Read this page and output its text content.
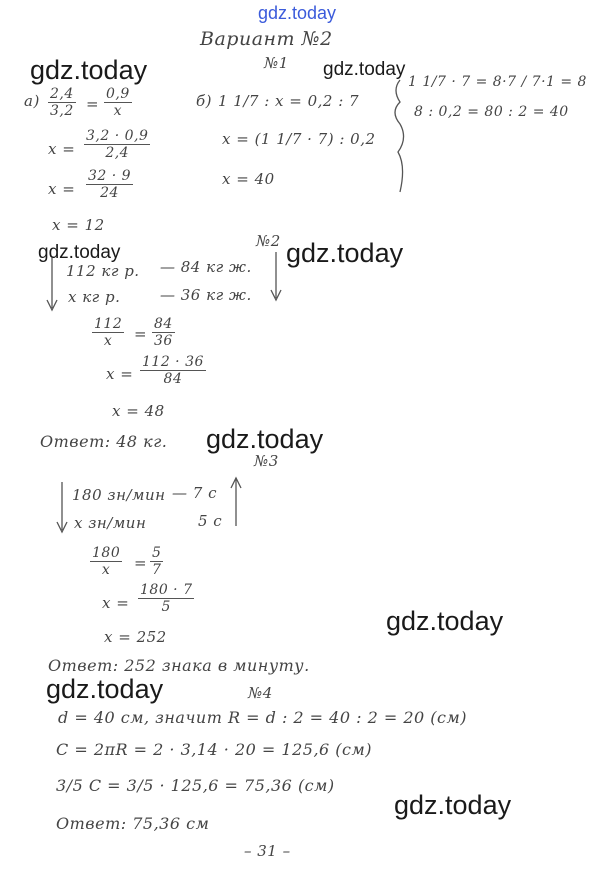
gdz.today
gdz.today	gdz.today
gdz.today	gdz.today
gdz.today
gdz.today
gdz.today
gdz.today
Вариант №2
№1
$а) \frac{2,4}{3,2} = \frac{0,9}{x}$
$x = \frac{3,2 \cdot 0,9}{2,4}$
$x = \frac{32 \cdot 9}{24}$
x = 12
б) 1 1/7 : x = 0,2 : 7
x = (1 1/7 · 7) : 0,2
x = 40
1 1/7 · 7 = 8·7 / 7·1 = 8
8 : 0,2 = 80 : 2 = 40
№2
112 кг р. — 84 кг ж.
x кг р.	— 36 кг ж.
$\frac{112}{x} = \frac{84}{36}$
$x = \frac{112 \cdot 36}{84}$
x = 48
Ответ: 48 кг.
№3
180 зн/мин — 7 с
x зн/мин	5 с
$\frac{180}{x} = \frac{5}{7}$
$x = \frac{180 \cdot 7}{5}$
x = 252
Ответ: 252 знака в минуту.
№4
d = 40 см, значит R = d : 2 = 40 : 2 = 20 (см)
C = 2πR = 2 · 3,14 · 20 = 125,6 (см)
3/5 C = 3/5 · 125,6 = 75,36 (см)
Ответ: 75,36 см
– 31 –
